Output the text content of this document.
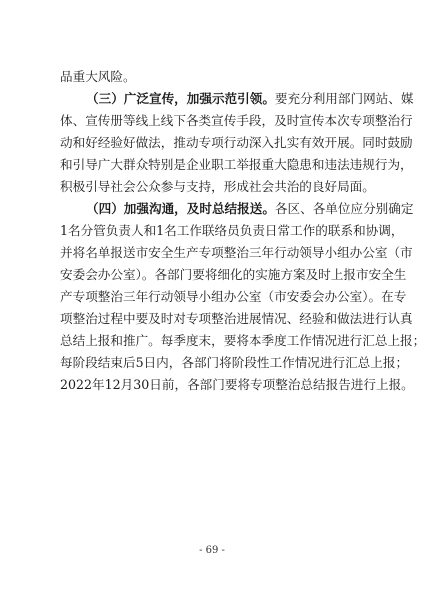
品重大风险。
（三）广泛宣传，加强示范引领。要充分利用部门网站、媒
体、宣传册等线上线下各类宣传手段，及时宣传本次专项整治行
动和好经验好做法，推动专项行动深入扎实有效开展。同时鼓励
和引导广大群众特别是企业职工举报重大隐患和违法违规行为，
积极引导社会公众参与支持，形成社会共治的良好局面。
（四）加强沟通，及时总结报送。各区、各单位应分别确定
1名分管负责人和1名工作联络员负责日常工作的联系和协调，
并将名单报送市安全生产专项整治三年行动领导小组办公室（市
安委会办公室）。各部门要将细化的实施方案及时上报市安全生
产专项整治三年行动领导小组办公室（市安委会办公室）。在专
项整治过程中要及时对专项整治进展情况、经验和做法进行认真
总结上报和推广。每季度末，要将本季度工作情况进行汇总上报；
每阶段结束后5日内，各部门将阶段性工作情况进行汇总上报；
2022年12月30日前，各部门要将专项整治总结报告进行上报。
- 69 -
